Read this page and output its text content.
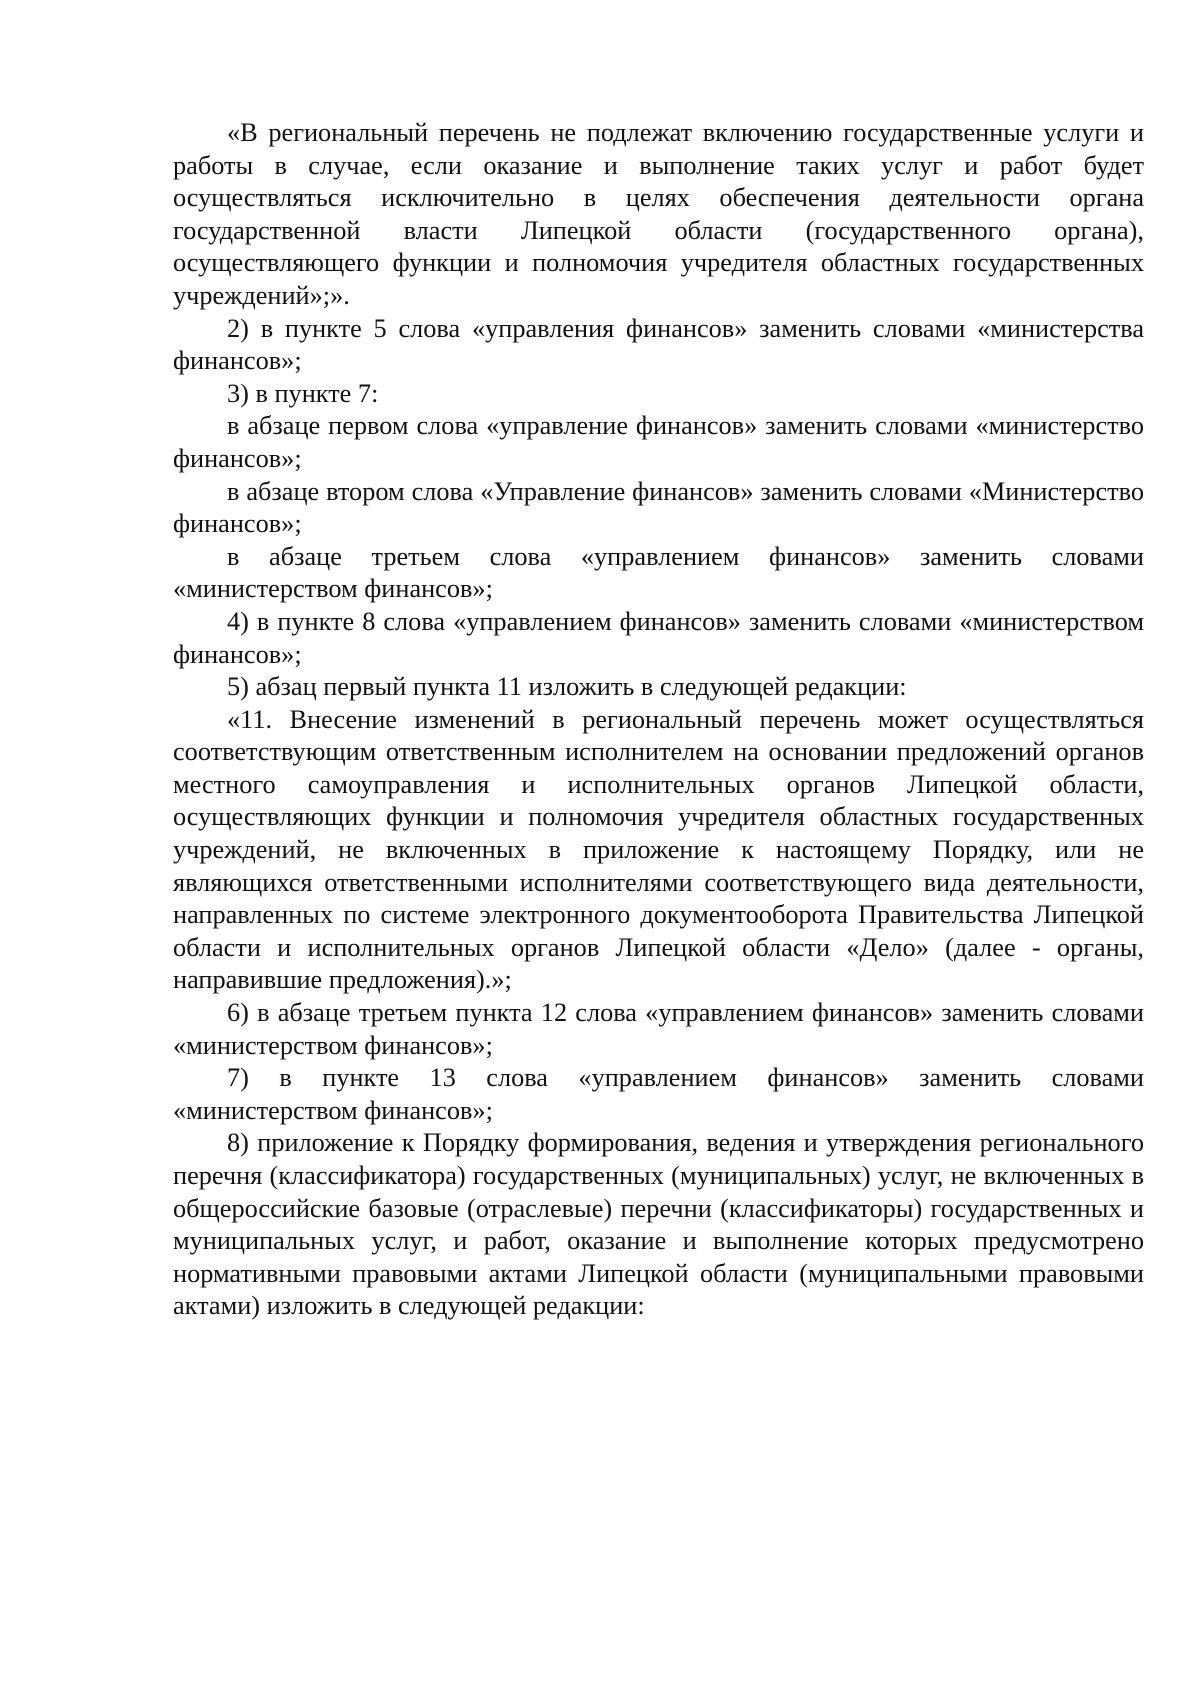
«В региональный перечень не подлежат включению государственные услуги и работы в случае, если оказание и выполнение таких услуг и работ будет осуществляться исключительно в целях обеспечения деятельности органа государственной власти Липецкой области (государственного органа), осуществляющего функции и полномочия учредителя областных государственных учреждений»;».

2) в пункте 5 слова «управления финансов» заменить словами «министерства финансов»;

3) в пункте 7:

в абзаце первом слова «управление финансов» заменить словами «министерство финансов»;

в абзаце втором слова «Управление финансов» заменить словами «Министерство финансов»;

в абзаце третьем слова «управлением финансов» заменить словами «министерством финансов»;

4) в пункте 8 слова «управлением финансов» заменить словами «министерством финансов»;

5) абзац первый пункта 11 изложить в следующей редакции:

«11. Внесение изменений в региональный перечень может осуществляться соответствующим ответственным исполнителем на основании предложений органов местного самоуправления и исполнительных органов Липецкой области, осуществляющих функции и полномочия учредителя областных государственных учреждений, не включенных в приложение к настоящему Порядку, или не являющихся ответственными исполнителями соответствующего вида деятельности, направленных по системе электронного документооборота Правительства Липецкой области и исполнительных органов Липецкой области «Дело» (далее - органы, направившие предложения).»;

6) в абзаце третьем пункта 12 слова «управлением финансов» заменить словами «министерством финансов»;

7) в пункте 13 слова «управлением финансов» заменить словами «министерством финансов»;

8) приложение к Порядку формирования, ведения и утверждения регионального перечня (классификатора) государственных (муниципальных) услуг, не включенных в общероссийские базовые (отраслевые) перечни (классификаторы) государственных и муниципальных услуг, и работ, оказание и выполнение которых предусмотрено нормативными правовыми актами Липецкой области (муниципальными правовыми актами) изложить в следующей редакции:
